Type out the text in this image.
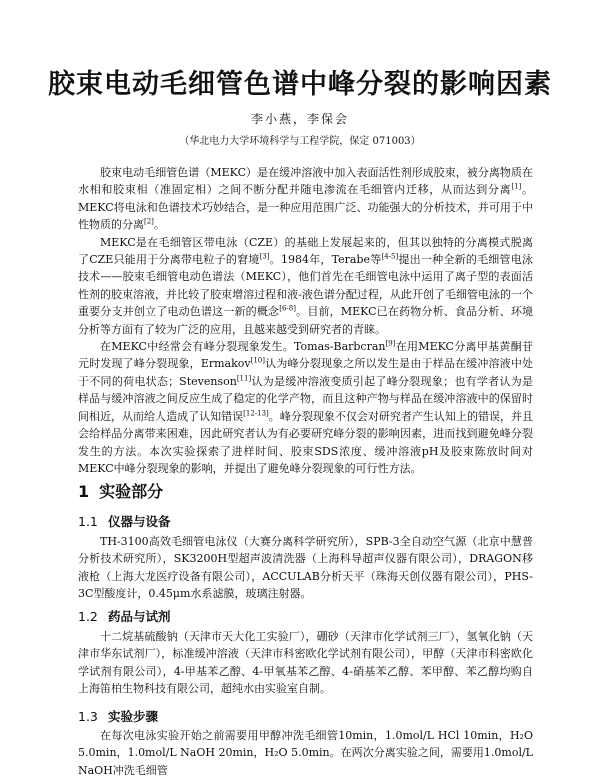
胶束电动毛细管色谱中峰分裂的影响因素
李小燕，李保会
（华北电力大学环境科学与工程学院，保定 071003）

胶束电动毛细管色谱（MEKC）是在缓冲溶液中加入表面活性剂形成胶束，被分离物质在水相和胶束相（准固定相）之间不断分配并随电渗流在毛细管内迁移，从而达到分离[1]。MEKC将电泳和色谱技术巧妙结合，是一种应用范围广泛、功能强大的分析技术，并可用于中性物质的分离[2]。

MEKC是在毛细管区带电泳（CZE）的基础上发展起来的，但其以独特的分离模式脱离了CZE只能用于分离带电粒子的窘境[3]。1984年，Terabe等[4-5]提出一种全新的毛细管电泳技术——胶束毛细管电动色谱法（MEKC），他们首先在毛细管电泳中运用了离子型的表面活性剂的胶束溶液，并比较了胶束增溶过程和液-液色谱分配过程，从此开创了毛细管电泳的一个重要分支并创立了电动色谱这一新的概念[6-8]。目前，MEKC已在药物分析、食品分析、环境分析等方面有了较为广泛的应用，且越来越受到研究者的青睐。

在MEKC中经常会有峰分裂现象发生。Tomas-Barbcran[9]在用MEKC分离甲基黄酮苷元时发现了峰分裂现象，Ermakov[10]认为峰分裂现象之所以发生是由于样品在缓冲溶液中处于不同的荷电状态；Stevenson[11]认为是缓冲溶液变质引起了峰分裂现象；也有学者认为是样品与缓冲溶液之间反应生成了稳定的化学产物，而且这种产物与样品在缓冲溶液中的保留时间相近，从而给人造成了认知错误[12-13]。峰分裂现象不仅会对研究者产生认知上的错误，并且会给样品分离带来困难，因此研究者认为有必要研究峰分裂的影响因素，进而找到避免峰分裂发生的方法。本次实验探索了进样时间、胶束SDS浓度、缓冲溶液pH及胶束陈放时间对MEKC中峰分裂现象的影响，并提出了避免峰分裂现象的可行性方法。

1 实验部分
1.1 仪器与设备

TH-3100高效毛细管电泳仪（大赛分离科学研究所），SPB-3全自动空气源（北京中慧普分析技术研究所），SK3200H型超声波清洗器（上海科导超声仪器有限公司），DRAGON移液枪（上海大龙医疗设备有限公司），ACCULAB分析天平（珠海天创仪器有限公司），PHS-3C型酸度计，0.45μm水系滤膜，玻璃注射器。

1.2 药品与试剂

十二烷基硫酸钠（天津市天大化工实验厂），硼砂（天津市化学试剂三厂），氢氧化钠（天津市华东试剂厂），标准缓冲溶液（天津市科密欧化学试剂有限公司），甲醇（天津市科密欧化学试剂有限公司），4-甲基苯乙醇、4-甲氧基苯乙醇、4-硝基苯乙醇、苯甲醇、苯乙醇均购自上海笛柏生物科技有限公司，超纯水由实验室自制。

1.3 实验步骤

在每次电泳实验开始之前需要用甲醇冲洗毛细管10min，1.0mol/L HCl 10min，H₂O 5.0min，1.0mol/L NaOH 20min，H₂O 5.0min。在两次分离实验之间，需要用1.0mol/L NaOH冲洗毛细管
